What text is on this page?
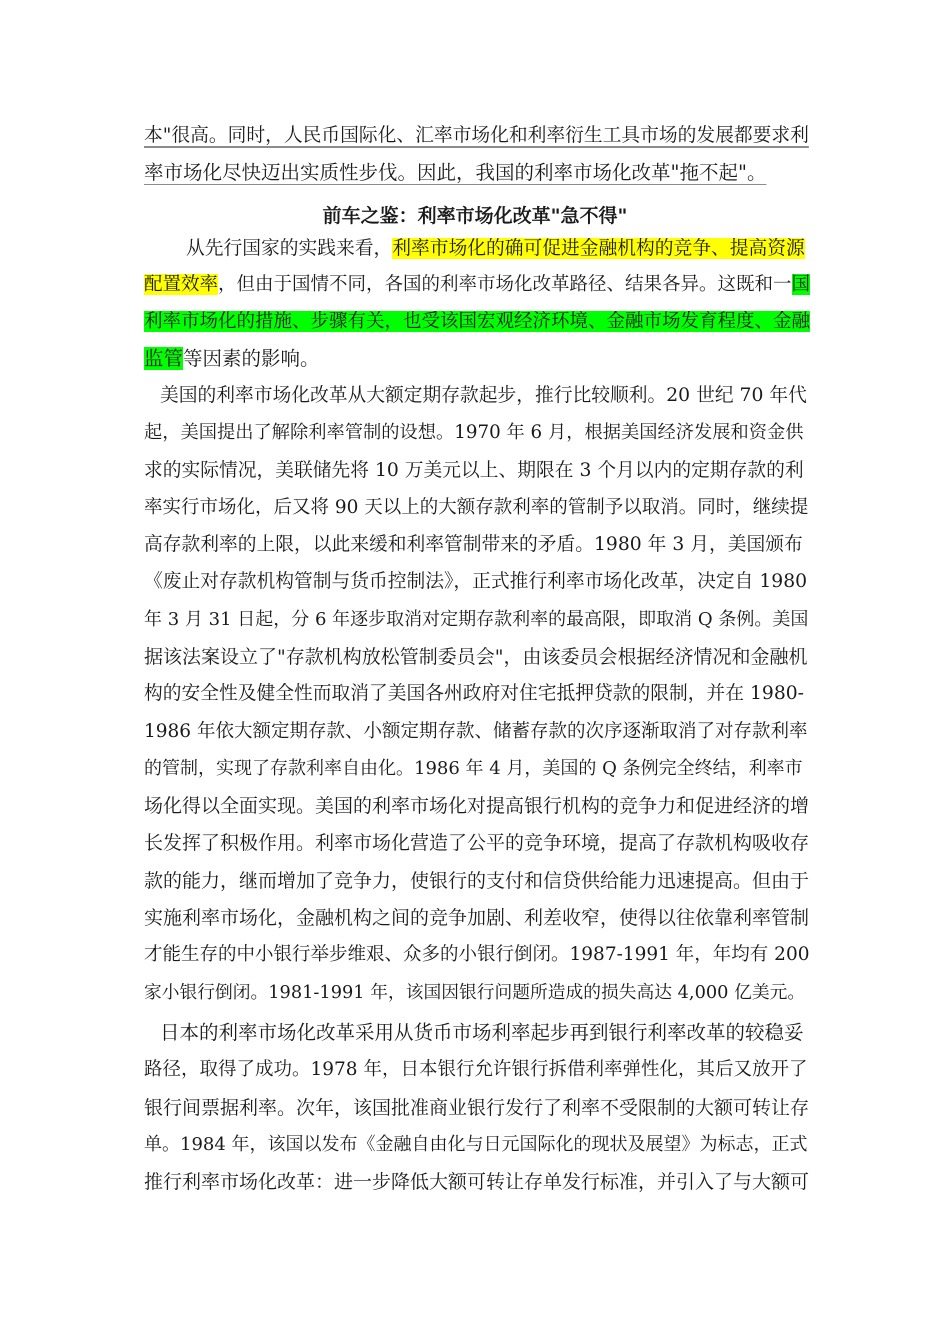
本"很高。同时，人民币国际化、汇率市场化和利率衍生工具市场的发展都要求利
率市场化尽快迈出实质性步伐。因此，我国的利率市场化改革"拖不起"。
前车之鉴：利率市场化改革"急不得"
从先行国家的实践来看，利率市场化的确可促进金融机构的竞争、提高资源
配置效率，但由于国情不同，各国的利率市场化改革路径、结果各异。这既和一国
利率市场化的措施、步骤有关，也受该国宏观经济环境、金融市场发育程度、金融
监管等因素的影响。
美国的利率市场化改革从大额定期存款起步，推行比较顺利。20 世纪 70 年代
起，美国提出了解除利率管制的设想。1970 年 6 月，根据美国经济发展和资金供
求的实际情况，美联储先将 10 万美元以上、期限在 3 个月以内的定期存款的利
率实行市场化，后又将 90 天以上的大额存款利率的管制予以取消。同时，继续提
高存款利率的上限，以此来缓和利率管制带来的矛盾。1980 年 3 月，美国颁布
《废止对存款机构管制与货币控制法》，正式推行利率市场化改革，决定自 1980
年 3 月 31 日起，分 6 年逐步取消对定期存款利率的最高限，即取消 Q 条例。美国
据该法案设立了"存款机构放松管制委员会"，由该委员会根据经济情况和金融机
构的安全性及健全性而取消了美国各州政府对住宅抵押贷款的限制，并在 1980-
1986 年依大额定期存款、小额定期存款、储蓄存款的次序逐渐取消了对存款利率
的管制，实现了存款利率自由化。1986 年 4 月，美国的 Q 条例完全终结，利率市
场化得以全面实现。美国的利率市场化对提高银行机构的竞争力和促进经济的增
长发挥了积极作用。利率市场化营造了公平的竞争环境，提高了存款机构吸收存
款的能力，继而增加了竞争力，使银行的支付和信贷供给能力迅速提高。但由于
实施利率市场化，金融机构之间的竞争加剧、利差收窄，使得以往依靠利率管制
才能生存的中小银行举步维艰、众多的小银行倒闭。1987-1991 年，年均有 200
家小银行倒闭。1981-1991 年，该国因银行问题所造成的损失高达 4,000 亿美元。
日本的利率市场化改革采用从货币市场利率起步再到银行利率改革的较稳妥
路径，取得了成功。1978 年，日本银行允许银行拆借利率弹性化，其后又放开了
银行间票据利率。次年，该国批准商业银行发行了利率不受限制的大额可转让存
单。1984 年，该国以发布《金融自由化与日元国际化的现状及展望》为标志，正式
推行利率市场化改革：进一步降低大额可转让存单发行标准，并引入了与大额可
